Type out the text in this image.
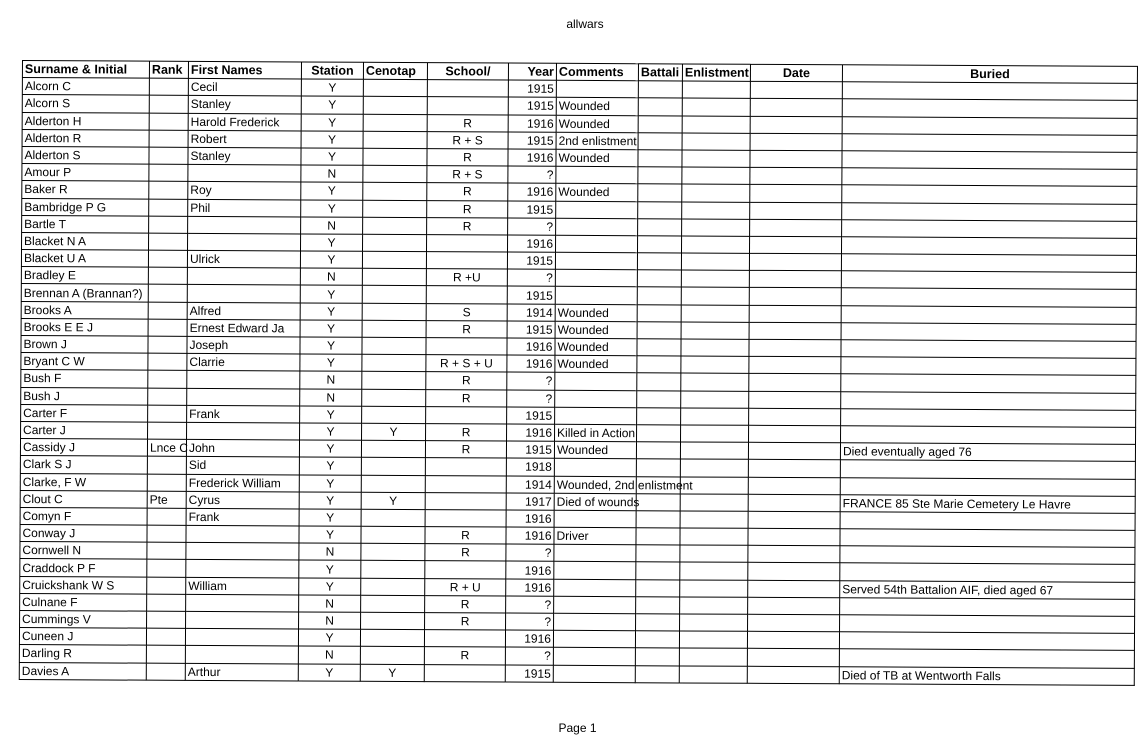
allwars
Surname & Initial	Rank	First Names	Station	Cenotap	School/	Year	Comments	Battali	Enlistment	Date	Buried
Alcorn C		Cecil	Y			1915					
Alcorn S		Stanley	Y			1915	Wounded				
Alderton H		Harold Frederick	Y		R	1916	Wounded				
Alderton R		Robert	Y		R + S	1915	2nd enlistment				
Alderton S		Stanley	Y		R	1916	Wounded				
Amour P			N		R + S	?					
Baker R		Roy	Y		R	1916	Wounded				
Bambridge P G		Phil	Y		R	1915					
Bartle T			N		R	?					
Blacket N A			Y			1916					
Blacket U A		Ulrick	Y			1915					
Bradley E			N		R +U	?					
Brennan A (Brannan?)			Y			1915					
Brooks A		Alfred	Y		S	1914	Wounded				
Brooks E E J		Ernest Edward Ja	Y		R	1915	Wounded				
Brown J		Joseph	Y			1916	Wounded				
Bryant C W		Clarrie	Y		R + S + U	1916	Wounded				
Bush F			N		R	?					
Bush J			N		R	?					
Carter F		Frank	Y			1915					
Carter J			Y	Y	R	1916	Killed in Action				
Cassidy J	Lnce C	John	Y		R	1915	Wounded				Died eventually aged 76
Clark S J		Sid	Y			1918					
Clarke, F W		Frederick William	Y			1914	Wounded, 2nd enlistment				
Clout C	Pte	Cyrus	Y	Y		1917	Died of wounds				FRANCE 85 Ste Marie Cemetery Le Havre
Comyn F		Frank	Y			1916					
Conway J			Y		R	1916	Driver				
Cornwell N			N		R	?					
Craddock P F			Y			1916					
Cruickshank W S		William	Y		R + U	1916					Served 54th Battalion AIF, died aged 67
Culnane F			N		R	?					
Cummings V			N		R	?					
Cuneen J			Y			1916					
Darling R			N		R	?					
Davies A		Arthur	Y	Y		1915					Died of TB at Wentworth Falls
Page 1
